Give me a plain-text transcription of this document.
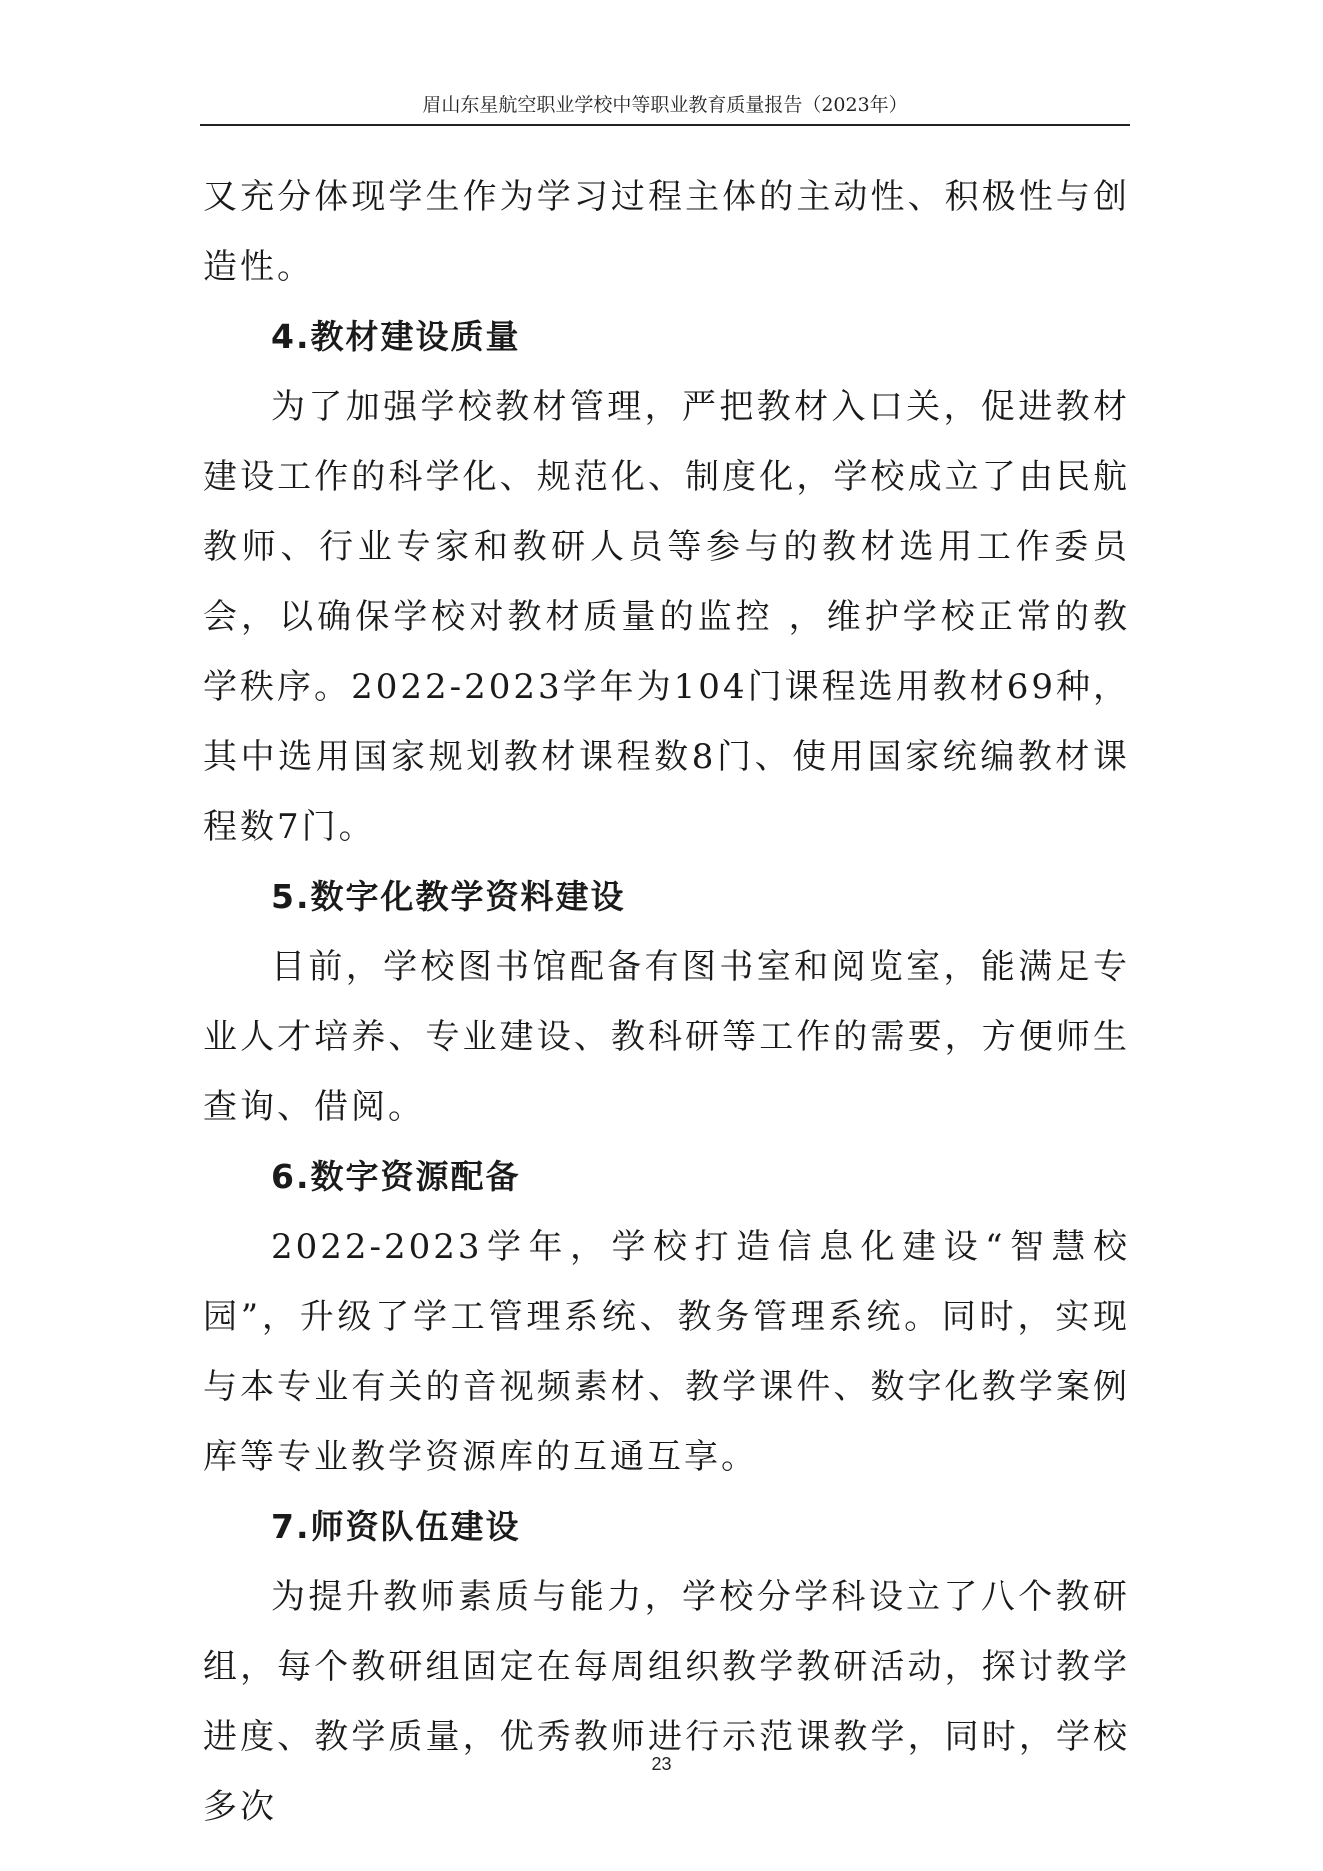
眉山东星航空职业学校中等职业教育质量报告（2023年）

又充分体现学生作为学习过程主体的主动性、积极性与创造性。

4.教材建设质量

为了加强学校教材管理，严把教材入口关，促进教材建设工作的科学化、规范化、制度化，学校成立了由民航教师、行业专家和教研人员等参与的教材选用工作委员会，以确保学校对教材质量的监控 ，维护学校正常的教学秩序。2022-2023学年为104门课程选用教材69种，其中选用国家规划教材课程数8门、使用国家统编教材课程数7门。

5.数字化教学资料建设

目前，学校图书馆配备有图书室和阅览室，能满足专业人才培养、专业建设、教科研等工作的需要，方便师生查询、借阅。

6.数字资源配备

2022-2023学年，学校打造信息化建设“智慧校园”，升级了学工管理系统、教务管理系统。同时，实现与本专业有关的音视频素材、教学课件、数字化教学案例库等专业教学资源库的互通互享。

7.师资队伍建设

为提升教师素质与能力，学校分学科设立了八个教研组，每个教研组固定在每周组织教学教研活动，探讨教学进度、教学质量，优秀教师进行示范课教学，同时，学校多次

23
